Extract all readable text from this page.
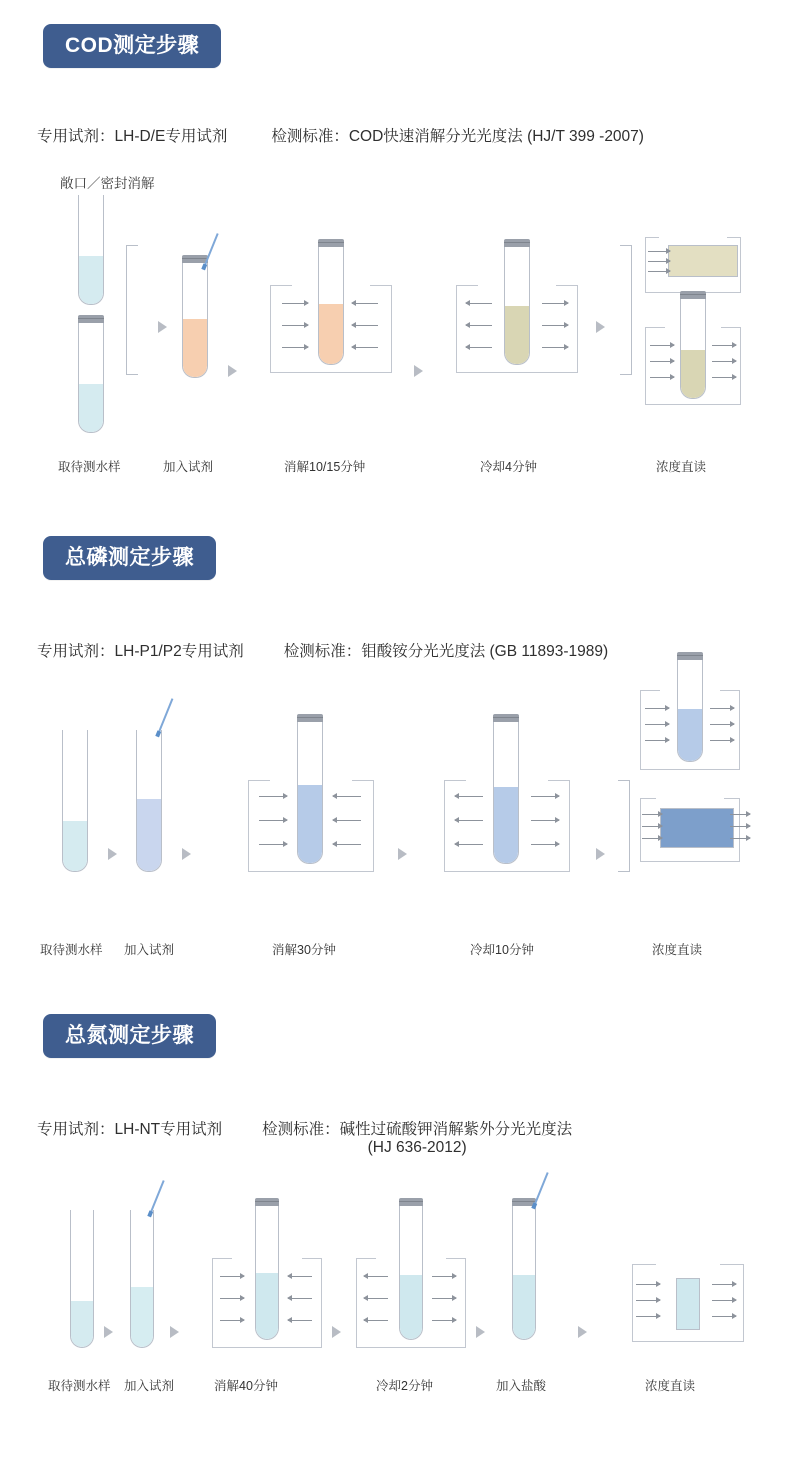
COD测定步骤
专用试剂：LH-D/E专用试剂	检测标准：COD快速消解分光光度法 (HJ/T 399 -2007)
敞口／密封消解
取待测水样	加入试剂	消解10/15分钟	冷却4分钟	浓度直读
总磷测定步骤
专用试剂：LH-P1/P2专用试剂	检测标准：钼酸铵分光光度法 (GB 11893-1989)
取待测水样 加入试剂	消解30分钟	冷却10分钟	浓度直读
总氮测定步骤
专用试剂：LH-NT专用试剂	检测标准：碱性过硫酸钾消解紫外分光光度法
(HJ 636-2012)
取待测水样 加入试剂	消解40分钟	冷却2分钟	加入盐酸	浓度直读
